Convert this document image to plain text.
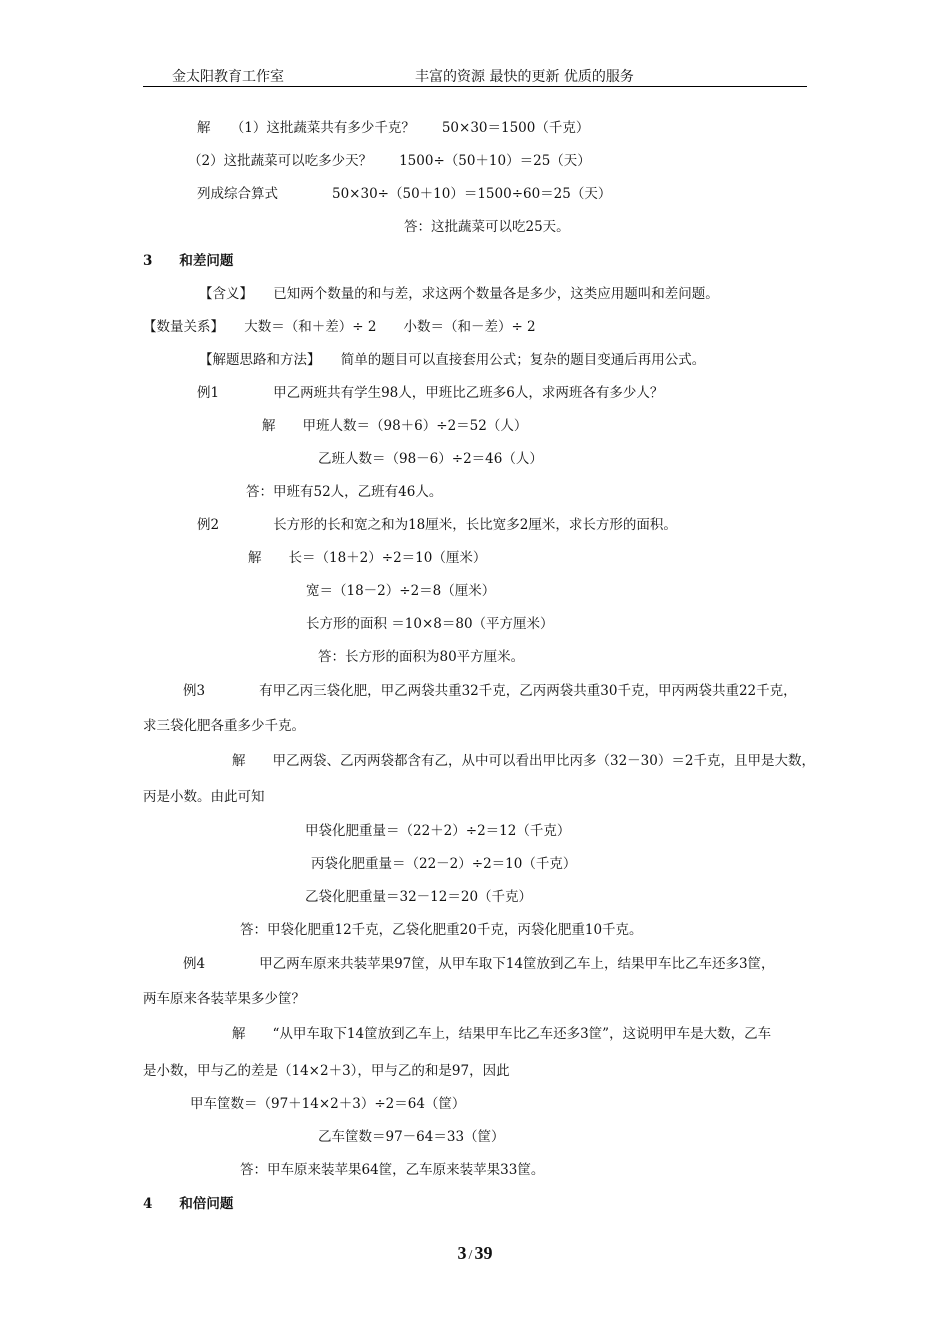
金太阳教育工作室	丰富的资源 最快的更新 优质的服务
解　　（1）这批蔬菜共有多少千克？　　50×30＝1500（千克）
（2）这批蔬菜可以吃多少天？　　1500÷（50＋10）＝25（天）
列成综合算式　　　　50×30÷（50＋10）＝1500÷60＝25（天）
答：这批蔬菜可以吃25天。
3　　和差问题
【含义】　　已知两个数量的和与差，求这两个数量各是多少，这类应用题叫和差问题。
【数量关系】　　大数＝（和＋差）÷ 2　　小数＝（和－差）÷ 2
【解题思路和方法】　　简单的题目可以直接套用公式；复杂的题目变通后再用公式。
例1　　　　甲乙两班共有学生98人，甲班比乙班多6人，求两班各有多少人？
解　　甲班人数＝（98＋6）÷2＝52（人）
乙班人数＝（98－6）÷2＝46（人）
答：甲班有52人，乙班有46人。
例2　　　　长方形的长和宽之和为18厘米，长比宽多2厘米，求长方形的面积。
解　　长＝（18＋2）÷2＝10（厘米）
宽＝（18－2）÷2＝8（厘米）
长方形的面积 ＝10×8＝80（平方厘米）
答：长方形的面积为80平方厘米。
例3　　　　有甲乙丙三袋化肥，甲乙两袋共重32千克，乙丙两袋共重30千克，甲丙两袋共重22千克，
求三袋化肥各重多少千克。
解　　甲乙两袋、乙丙两袋都含有乙，从中可以看出甲比丙多（32－30）＝2千克，且甲是大数，
丙是小数。由此可知
甲袋化肥重量＝（22＋2）÷2＝12（千克）
丙袋化肥重量＝（22－2）÷2＝10（千克）
乙袋化肥重量＝32－12＝20（千克）
答：甲袋化肥重12千克，乙袋化肥重20千克，丙袋化肥重10千克。
例4　　　　甲乙两车原来共装苹果97筐，从甲车取下14筐放到乙车上，结果甲车比乙车还多3筐，
两车原来各装苹果多少筐？
解　　“从甲车取下14筐放到乙车上，结果甲车比乙车还多3筐”，这说明甲车是大数，乙车
是小数，甲与乙的差是（14×2＋3），甲与乙的和是97，因此
甲车筐数＝（97＋14×2＋3）÷2＝64（筐）
乙车筐数＝97－64＝33（筐）
答：甲车原来装苹果64筐，乙车原来装苹果33筐。
4　　和倍问题
3 / 39
